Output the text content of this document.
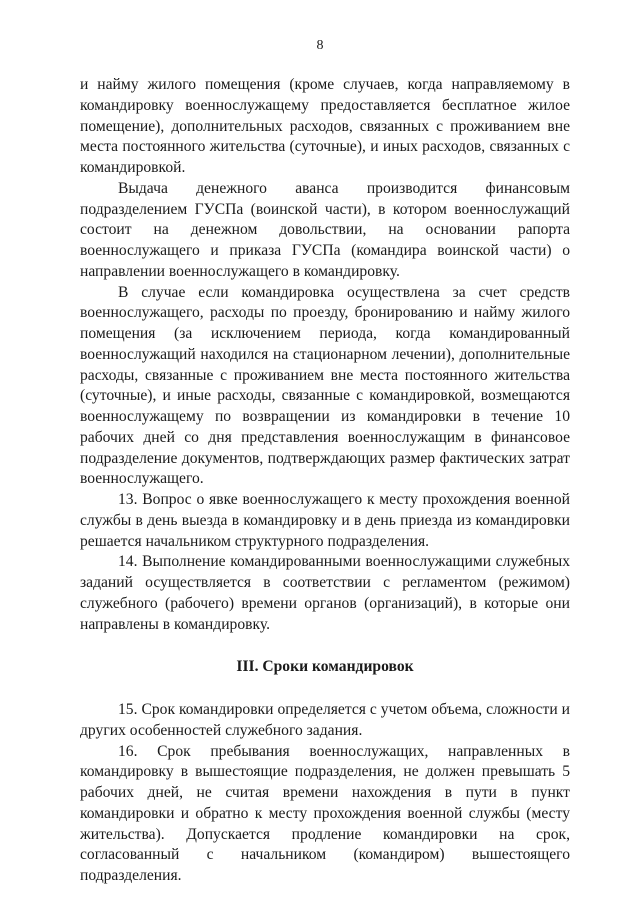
8

и найму жилого помещения (кроме случаев, когда направляемому в командировку военнослужащему предоставляется бесплатное жилое помещение), дополнительных расходов, связанных с проживанием вне места постоянного жительства (суточные), и иных расходов, связанных с командировкой.

Выдача денежного аванса производится финансовым подразделением ГУСПа (воинской части), в котором военнослужащий состоит на денежном довольствии, на основании рапорта военнослужащего и приказа ГУСПа (командира воинской части) о направлении военнослужащего в командировку.

В случае если командировка осуществлена за счет средств военнослужащего, расходы по проезду, бронированию и найму жилого помещения (за исключением периода, когда командированный военнослужащий находился на стационарном лечении), дополнительные расходы, связанные с проживанием вне места постоянного жительства (суточные), и иные расходы, связанные с командировкой, возмещаются военнослужащему по возвращении из командировки в течение 10 рабочих дней со дня представления военнослужащим в финансовое подразделение документов, подтверждающих размер фактических затрат военнослужащего.

13. Вопрос о явке военнослужащего к месту прохождения военной службы в день выезда в командировку и в день приезда из командировки решается начальником структурного подразделения.

14. Выполнение командированными военнослужащими служебных заданий осуществляется в соответствии с регламентом (режимом) служебного (рабочего) времени органов (организаций), в которые они направлены в командировку.

III. Сроки командировок

15. Срок командировки определяется с учетом объема, сложности и других особенностей служебного задания.

16. Срок пребывания военнослужащих, направленных в командировку в вышестоящие подразделения, не должен превышать 5 рабочих дней, не считая времени нахождения в пути в пункт командировки и обратно к месту прохождения военной службы (месту жительства). Допускается продление командировки на срок, согласованный с начальником (командиром) вышестоящего подразделения.
